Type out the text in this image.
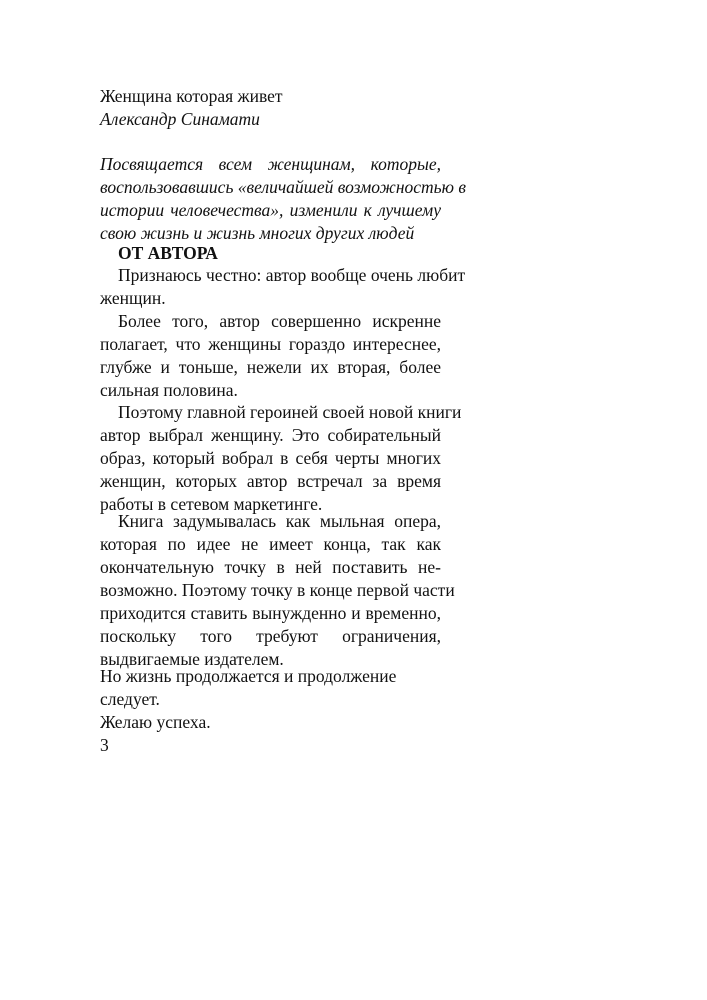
Женщина которая живет
Александр Синамати
Посвящается всем женщинам, которые,
воспользовавшись «величайшей возможностью в
истории человечества», изменили к лучшему
свою жизнь и жизнь многих других людей
ОТ АВТОРА
Признаюсь честно: автор вообще очень любит
женщин.
Более того, автор совершенно искренне
полагает, что женщины гораздо интереснее,
глубже и тоньше, нежели их вторая, более
сильная половина.
Поэтому главной героиней своей новой книги
автор выбрал женщину. Это собирательный
образ, который вобрал в себя черты многих
женщин, которых автор встречал за время
работы в сетевом маркетинге.
Книга задумывалась как мыльная опера,
которая по идее не имеет конца, так как
окончательную точку в ней поставить не-
возможно. Поэтому точку в конце первой части
приходится ставить вынужденно и временно,
поскольку того требуют ограничения,
выдвигаемые издателем.
Но жизнь продолжается и продолжение
следует.
Желаю успеха.
3
